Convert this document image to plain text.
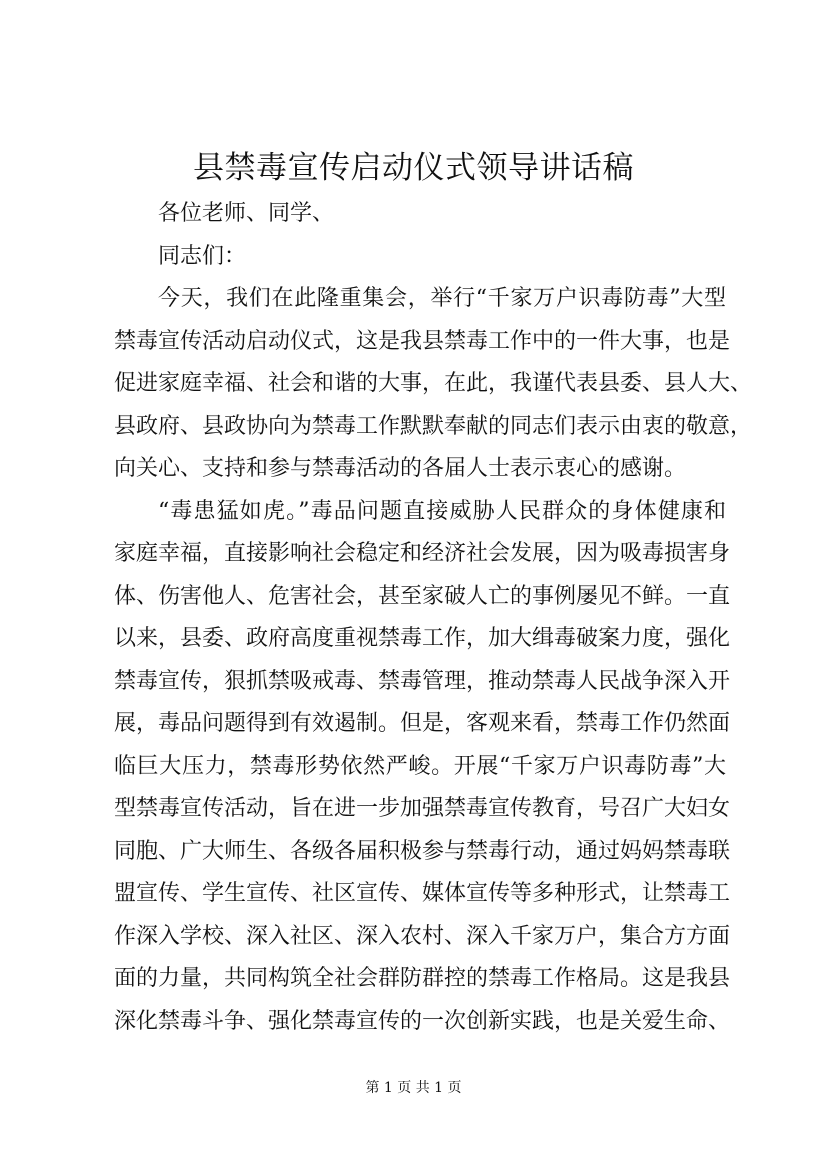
县禁毒宣传启动仪式领导讲话稿
各位老师、同学、
同志们：
今天，我们在此隆重集会，举行“千家万户识毒防毒”大型
禁毒宣传活动启动仪式，这是我县禁毒工作中的一件大事，也是
促进家庭幸福、社会和谐的大事，在此，我谨代表县委、县人大、
县政府、县政协向为禁毒工作默默奉献的同志们表示由衷的敬意，
向关心、支持和参与禁毒活动的各届人士表示衷心的感谢。
“毒患猛如虎。”毒品问题直接威胁人民群众的身体健康和
家庭幸福，直接影响社会稳定和经济社会发展，因为吸毒损害身
体、伤害他人、危害社会，甚至家破人亡的事例屡见不鲜。一直
以来，县委、政府高度重视禁毒工作，加大缉毒破案力度，强化
禁毒宣传，狠抓禁吸戒毒、禁毒管理，推动禁毒人民战争深入开
展，毒品问题得到有效遏制。但是，客观来看，禁毒工作仍然面
临巨大压力，禁毒形势依然严峻。开展“千家万户识毒防毒”大
型禁毒宣传活动，旨在进一步加强禁毒宣传教育，号召广大妇女
同胞、广大师生、各级各届积极参与禁毒行动，通过妈妈禁毒联
盟宣传、学生宣传、社区宣传、媒体宣传等多种形式，让禁毒工
作深入学校、深入社区、深入农村、深入千家万户，集合方方面
面的力量，共同构筑全社会群防群控的禁毒工作格局。这是我县
深化禁毒斗争、强化禁毒宣传的一次创新实践，也是关爱生命、
第 1 页 共 1 页
